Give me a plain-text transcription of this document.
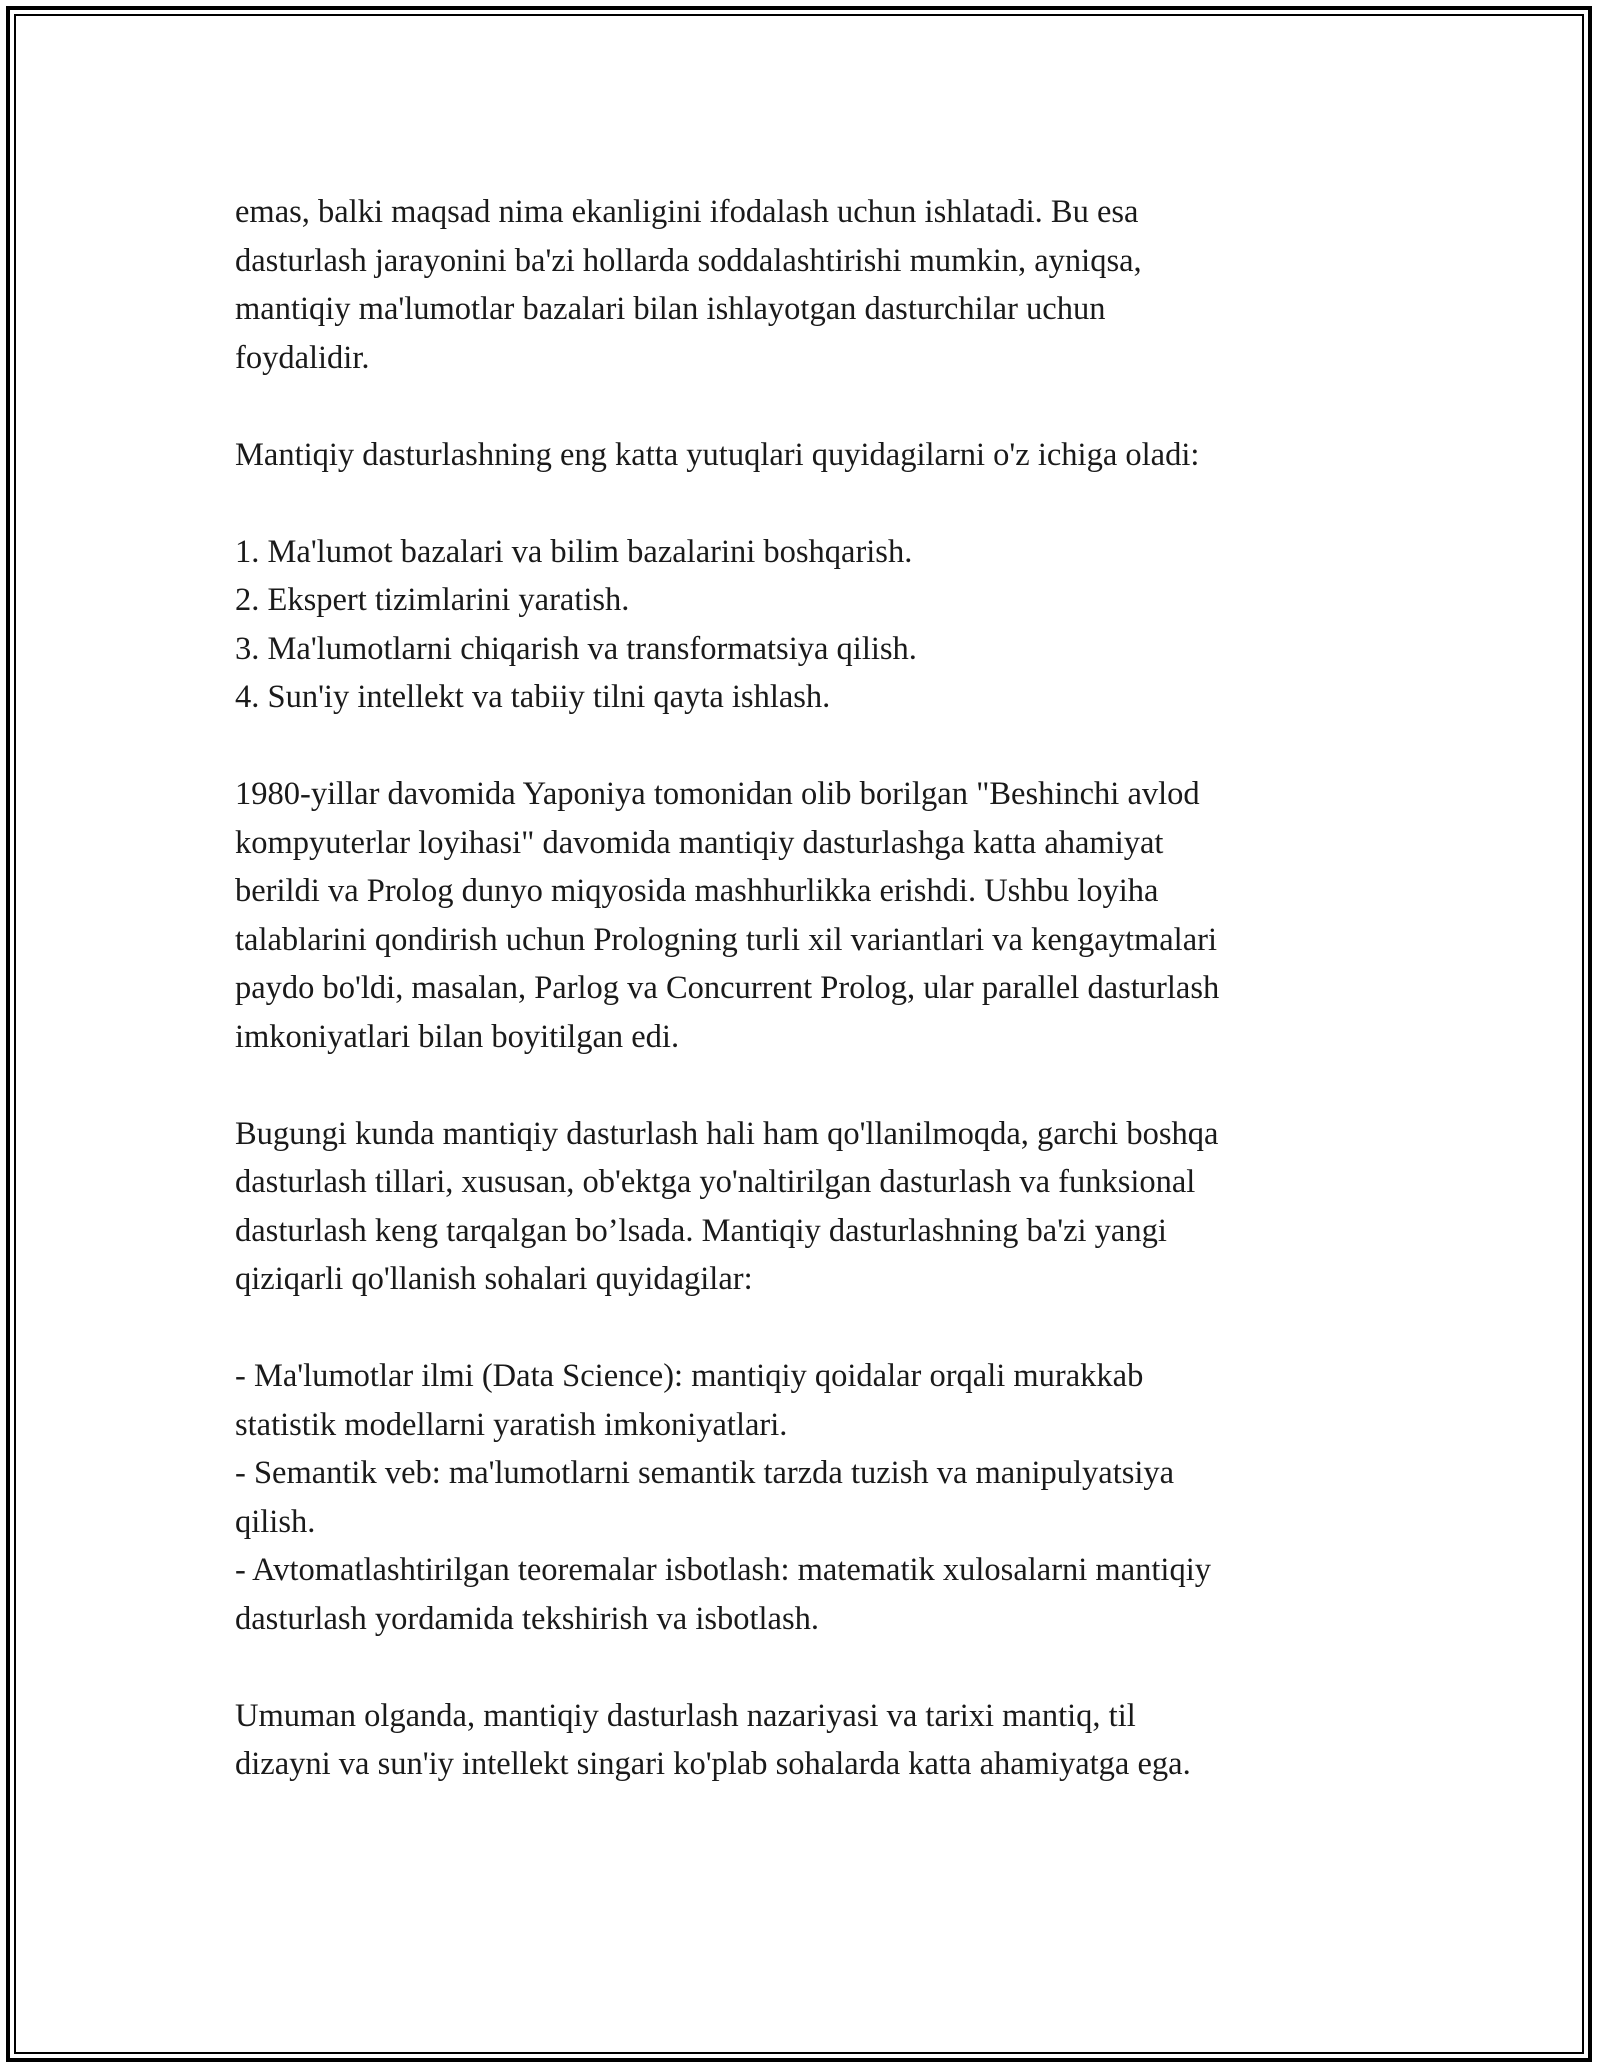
emas, balki maqsad nima ekanligini ifodalash uchun ishlatadi. Bu esa
dasturlash jarayonini ba'zi hollarda soddalashtirishi mumkin, ayniqsa,
mantiqiy ma'lumotlar bazalari bilan ishlayotgan dasturchilar uchun
foydalidir.

Mantiqiy dasturlashning eng katta yutuqlari quyidagilarni o'z ichiga oladi:

1. Ma'lumot bazalari va bilim bazalarini boshqarish.
2. Ekspert tizimlarini yaratish.
3. Ma'lumotlarni chiqarish va transformatsiya qilish.
4. Sun'iy intellekt va tabiiy tilni qayta ishlash.

1980-yillar davomida Yaponiya tomonidan olib borilgan "Beshinchi avlod
kompyuterlar loyihasi" davomida mantiqiy dasturlashga katta ahamiyat
berildi va Prolog dunyo miqyosida mashhurlikka erishdi. Ushbu loyiha
talablarini qondirish uchun Prologning turli xil variantlari va kengaytmalari
paydo bo'ldi, masalan, Parlog va Concurrent Prolog, ular parallel dasturlash
imkoniyatlari bilan boyitilgan edi.

Bugungi kunda mantiqiy dasturlash hali ham qo'llanilmoqda, garchi boshqa
dasturlash tillari, xususan, ob'ektga yo'naltirilgan dasturlash va funksional
dasturlash keng tarqalgan bo’lsada. Mantiqiy dasturlashning ba'zi yangi
qiziqarli qo'llanish sohalari quyidagilar:

- Ma'lumotlar ilmi (Data Science): mantiqiy qoidalar orqali murakkab
statistik modellarni yaratish imkoniyatlari.
- Semantik veb: ma'lumotlarni semantik tarzda tuzish va manipulyatsiya
qilish.
- Avtomatlashtirilgan teoremalar isbotlash: matematik xulosalarni mantiqiy
dasturlash yordamida tekshirish va isbotlash.

Umuman olganda, mantiqiy dasturlash nazariyasi va tarixi mantiq, til
dizayni va sun'iy intellekt singari ko'plab sohalarda katta ahamiyatga ega.
